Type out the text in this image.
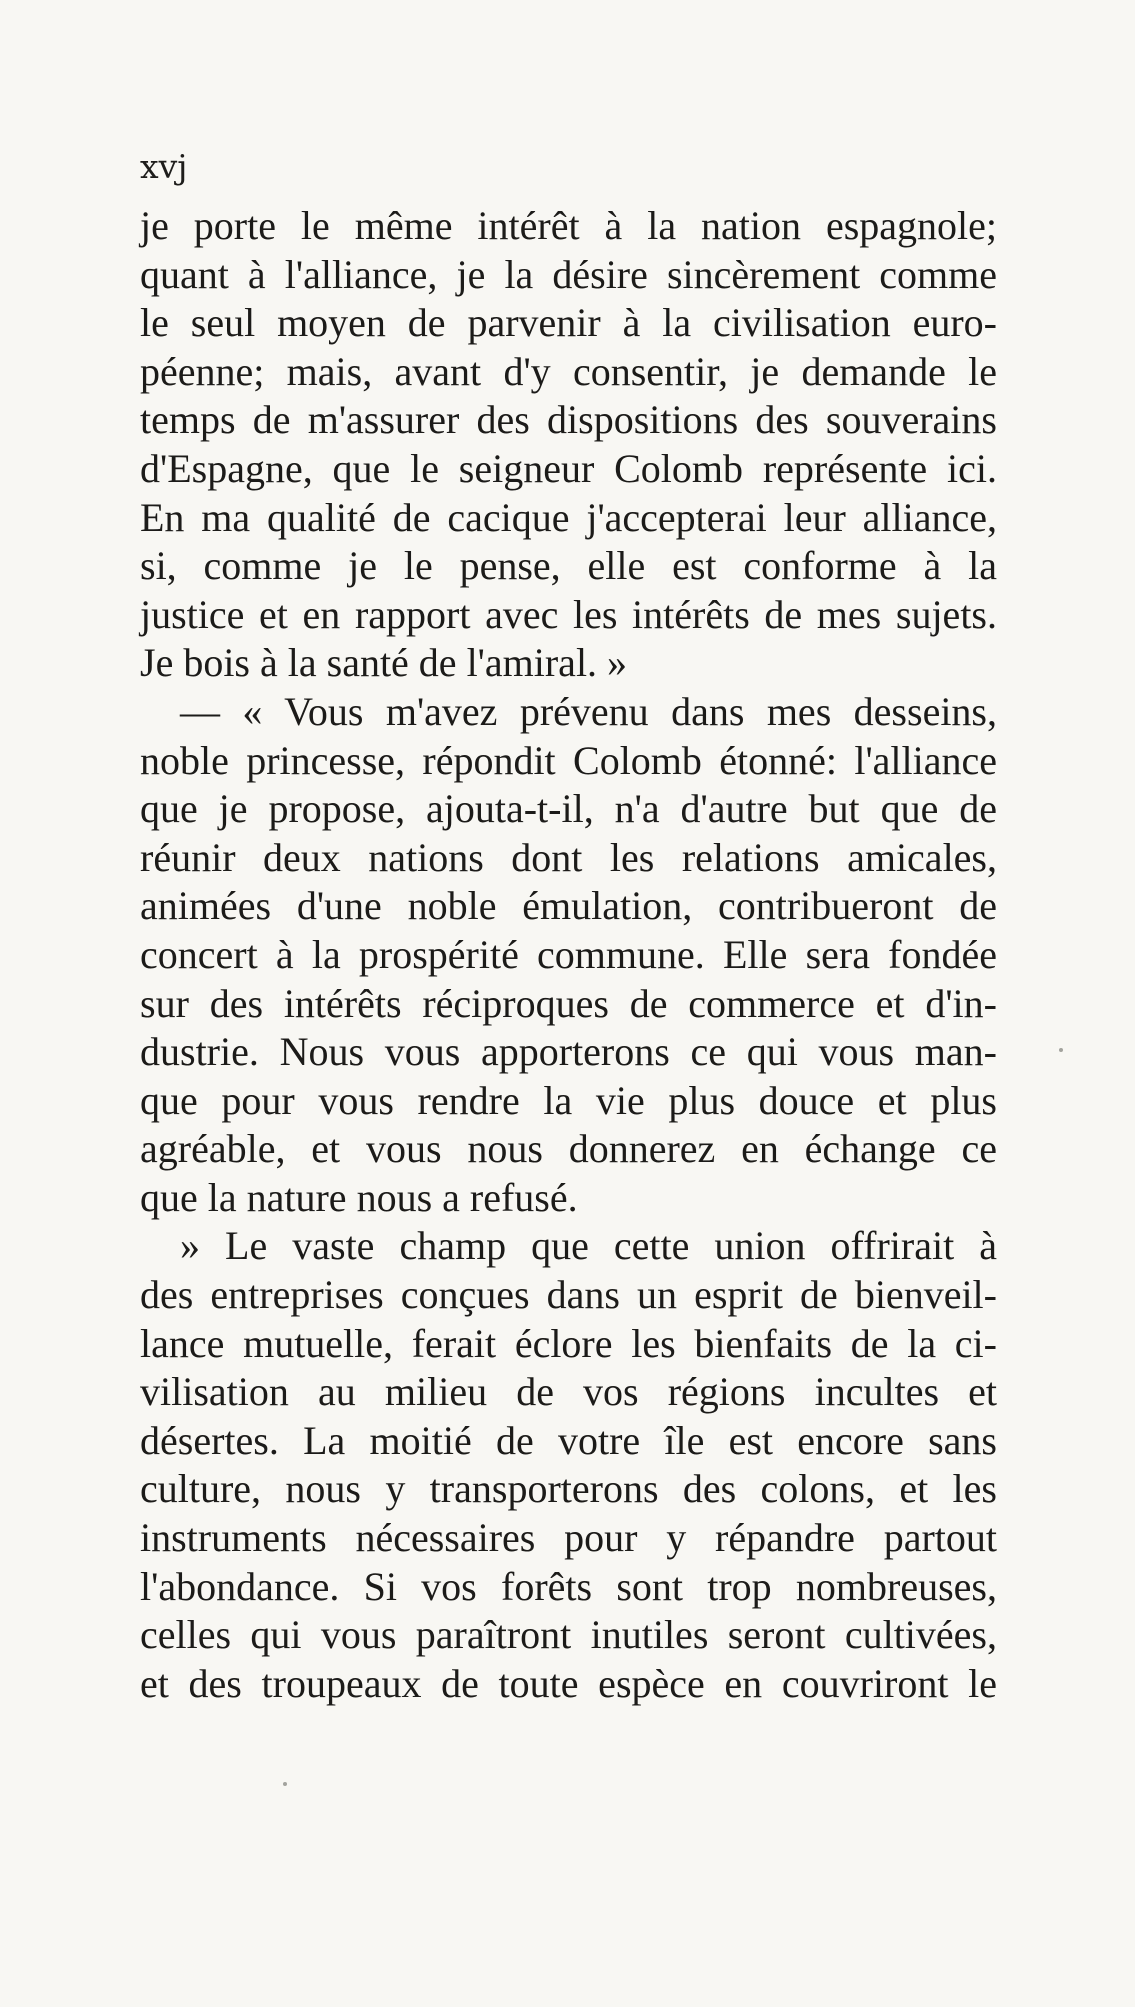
xvj
je porte le même intérêt à la nation espagnole;
quant à l'alliance, je la désire sincèrement comme
le seul moyen de parvenir à la civilisation euro-
péenne; mais, avant d'y consentir, je demande le
temps de m'assurer des dispositions des souverains
d'Espagne, que le seigneur Colomb représente ici.
En ma qualité de cacique j'accepterai leur alliance,
si, comme je le pense, elle est conforme à la
justice et en rapport avec les intérêts de mes sujets.
Je bois à la santé de l'amiral. »
— « Vous m'avez prévenu dans mes desseins,
noble princesse, répondit Colomb étonné: l'alliance
que je propose, ajouta-t-il, n'a d'autre but que de
réunir deux nations dont les relations amicales,
animées d'une noble émulation, contribueront de
concert à la prospérité commune. Elle sera fondée
sur des intérêts réciproques de commerce et d'in-
dustrie. Nous vous apporterons ce qui vous man-
que pour vous rendre la vie plus douce et plus
agréable, et vous nous donnerez en échange ce
que la nature nous a refusé.
» Le vaste champ que cette union offrirait à
des entreprises conçues dans un esprit de bienveil-
lance mutuelle, ferait éclore les bienfaits de la ci-
vilisation au milieu de vos régions incultes et
désertes. La moitié de votre île est encore sans
culture, nous y transporterons des colons, et les
instruments nécessaires pour y répandre partout
l'abondance. Si vos forêts sont trop nombreuses,
celles qui vous paraîtront inutiles seront cultivées,
et des troupeaux de toute espèce en couvriront le
